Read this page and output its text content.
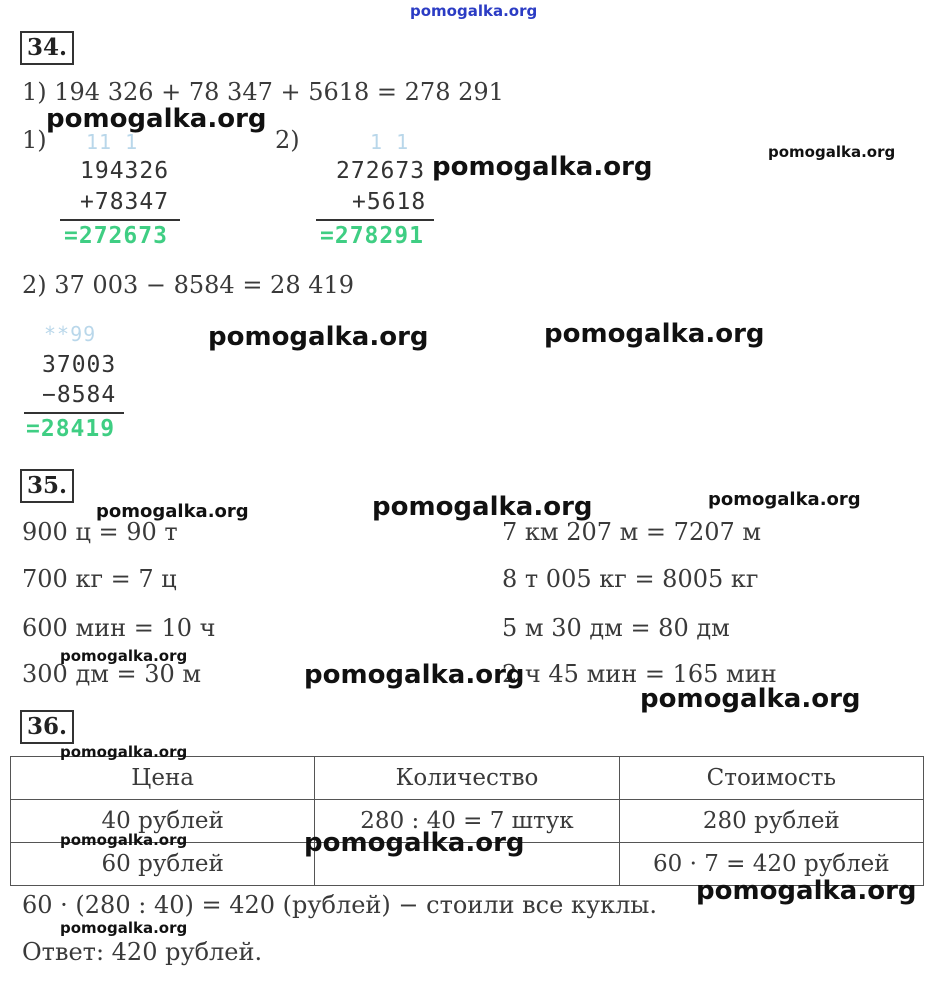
pomogalka.org
34.
1) 194 326 + 78 347 + 5618 = 278 291
1) 11 1
194326
+78347
=272673
2)	1 1
272673
+5618
=278291
2) 37 003 − 8584 = 28 419
**99
37003
−8584
=28419
35.
900 ц = 90 т
700 кг = 7 ц
600 мин = 10 ч
300 дм = 30 м
7 км 207 м = 7207 м
8 т 005 кг = 8005 кг
5 м 30 дм = 80 дм
2 ч 45 мин = 165 мин
36.
Цена	Количество	Стоимость
40 рублей	280 : 40 = 7 штук	280 рублей
60 рублей		60 · 7 = 420 рублей
60 · (280 : 40) = 420 (рублей) − стоили все куклы.
Ответ: 420 рублей.
pomogalka.org
pomogalka.org	pomogalka.org
pomogalka.org	pomogalka.org
pomogalka.org
pomogalka.org
pomogalka.org
pomogalka.org
pomogalka.org
pomogalka.org
pomogalka.org
pomogalka.org	pomogalka.org
pomogalka.org
pomogalka.org
